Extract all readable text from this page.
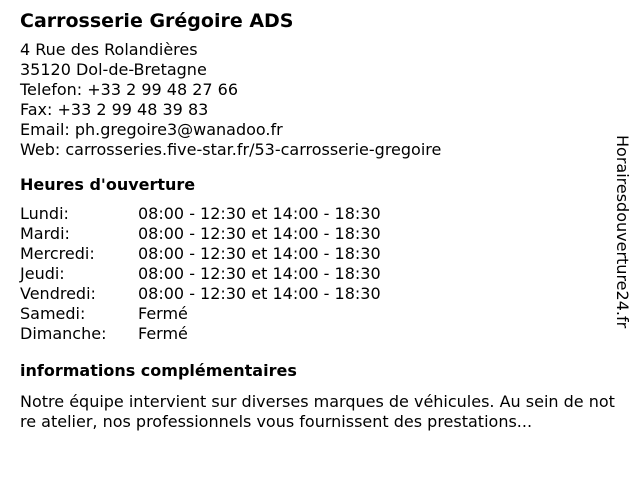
Carrosserie Grégoire ADS
4 Rue des Rolandières
35120 Dol-de-Bretagne
Telefon: +33 2 99 48 27 66
Fax: +33 2 99 48 39 83
Email: ph.gregoire3@wanadoo.fr
Web: carrosseries.five-star.fr/53-carrosserie-gregoire
Heures d'ouverture
Lundi:	08:00 - 12:30 et 14:00 - 18:30
Mardi:	08:00 - 12:30 et 14:00 - 18:30
Mercredi:	08:00 - 12:30 et 14:00 - 18:30
Jeudi:	08:00 - 12:30 et 14:00 - 18:30
Vendredi:	08:00 - 12:30 et 14:00 - 18:30
Samedi:	Fermé
Dimanche:	Fermé
informations complémentaires
Notre équipe intervient sur diverses marques de véhicules. Au sein de notre atelier, nos professionnels vous fournissent des prestations...
Horairesdouverture24.fr
